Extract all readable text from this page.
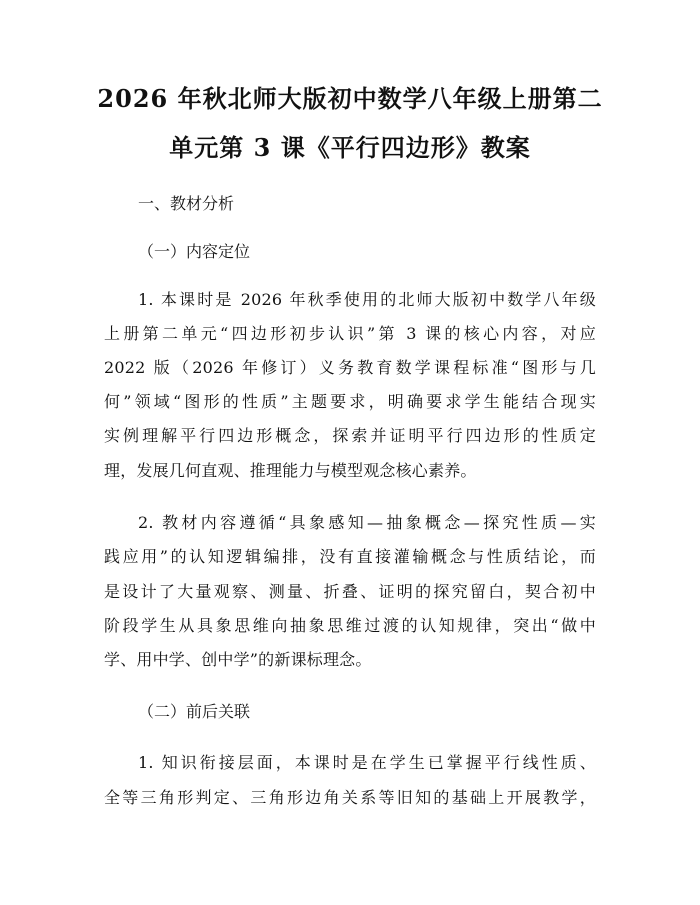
2026 年秋北师大版初中数学八年级上册第二
单元第 3 课《平行四边形》教案
一、教材分析
（一）内容定位
1. 本课时是 2026 年秋季使用的北师大版初中数学八年级
上册第二单元“四边形初步认识”第 3 课的核心内容，对应
2022 版（2026 年修订）义务教育数学课程标准“图形与几
何”领域“图形的性质”主题要求，明确要求学生能结合现实
实例理解平行四边形概念，探索并证明平行四边形的性质定
理，发展几何直观、推理能力与模型观念核心素养。
2. 教材内容遵循“具象感知—抽象概念—探究性质—实
践应用”的认知逻辑编排，没有直接灌输概念与性质结论，而
是设计了大量观察、测量、折叠、证明的探究留白，契合初中
阶段学生从具象思维向抽象思维过渡的认知规律，突出“做中
学、用中学、创中学”的新课标理念。
（二）前后关联
1. 知识衔接层面，本课时是在学生已掌握平行线性质、
全等三角形判定、三角形边角关系等旧知的基础上开展教学，
